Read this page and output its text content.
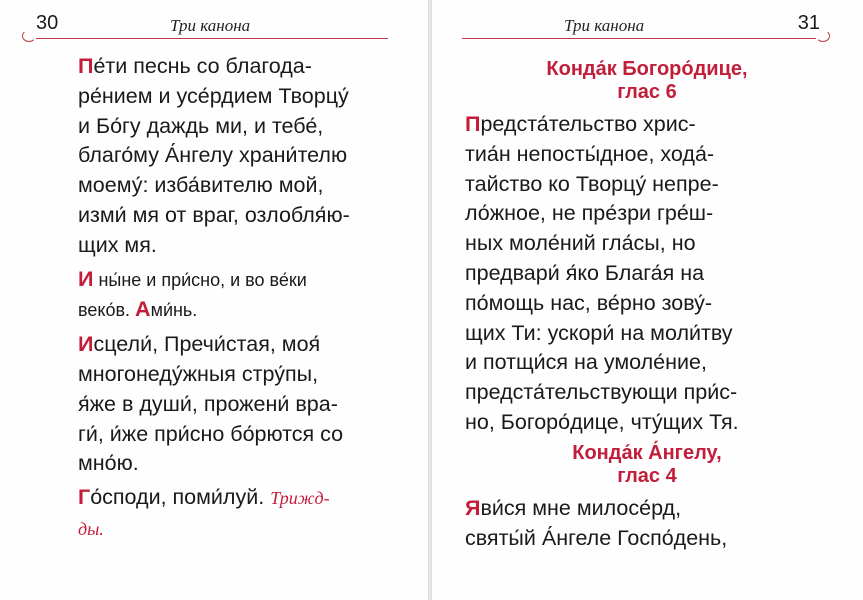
30	Три канона

Пе́ти песнь со благода-
ре́нием и усе́рдием Творцу́
и Бо́гу даждь ми, и тебе́,
благо́му А́нгелу храни́телю
моему́: изба́вителю мой,
изми́ мя от враг, озлобля́ю-
щих мя.

И ны́не и при́сно, и во ве́ки
веко́в. Ами́нь.

Исцели́, Пречи́стая, моя́
многонеду́жныя стру́пы,
я́же в души́, прожени́ вра-
ги́, и́же при́сно бо́рются со
мно́ю.

Го́споди, поми́луй. Трижд-
ды.

Три канона	31

Конда́к Богоро́дице,
глас 6

Предста́тельство хрис-
тиа́н непосты́дное, хода́-
тайство ко Творцу́ непре-
ло́жное, не пре́зри гре́ш-
ных моле́ний гла́сы, но
предвари́ я́ко Блага́я на
по́мощь нас, ве́рно зову́-
щих Ти: ускори́ на моли́тву
и потщи́ся на умоле́ние,
предста́тельствующи при́с-
но, Богоро́дице, чту́щих Тя.

Конда́к А́нгелу,
глас 4

Яви́ся мне милосе́рд,
святы́й А́нгеле Госпо́день,
